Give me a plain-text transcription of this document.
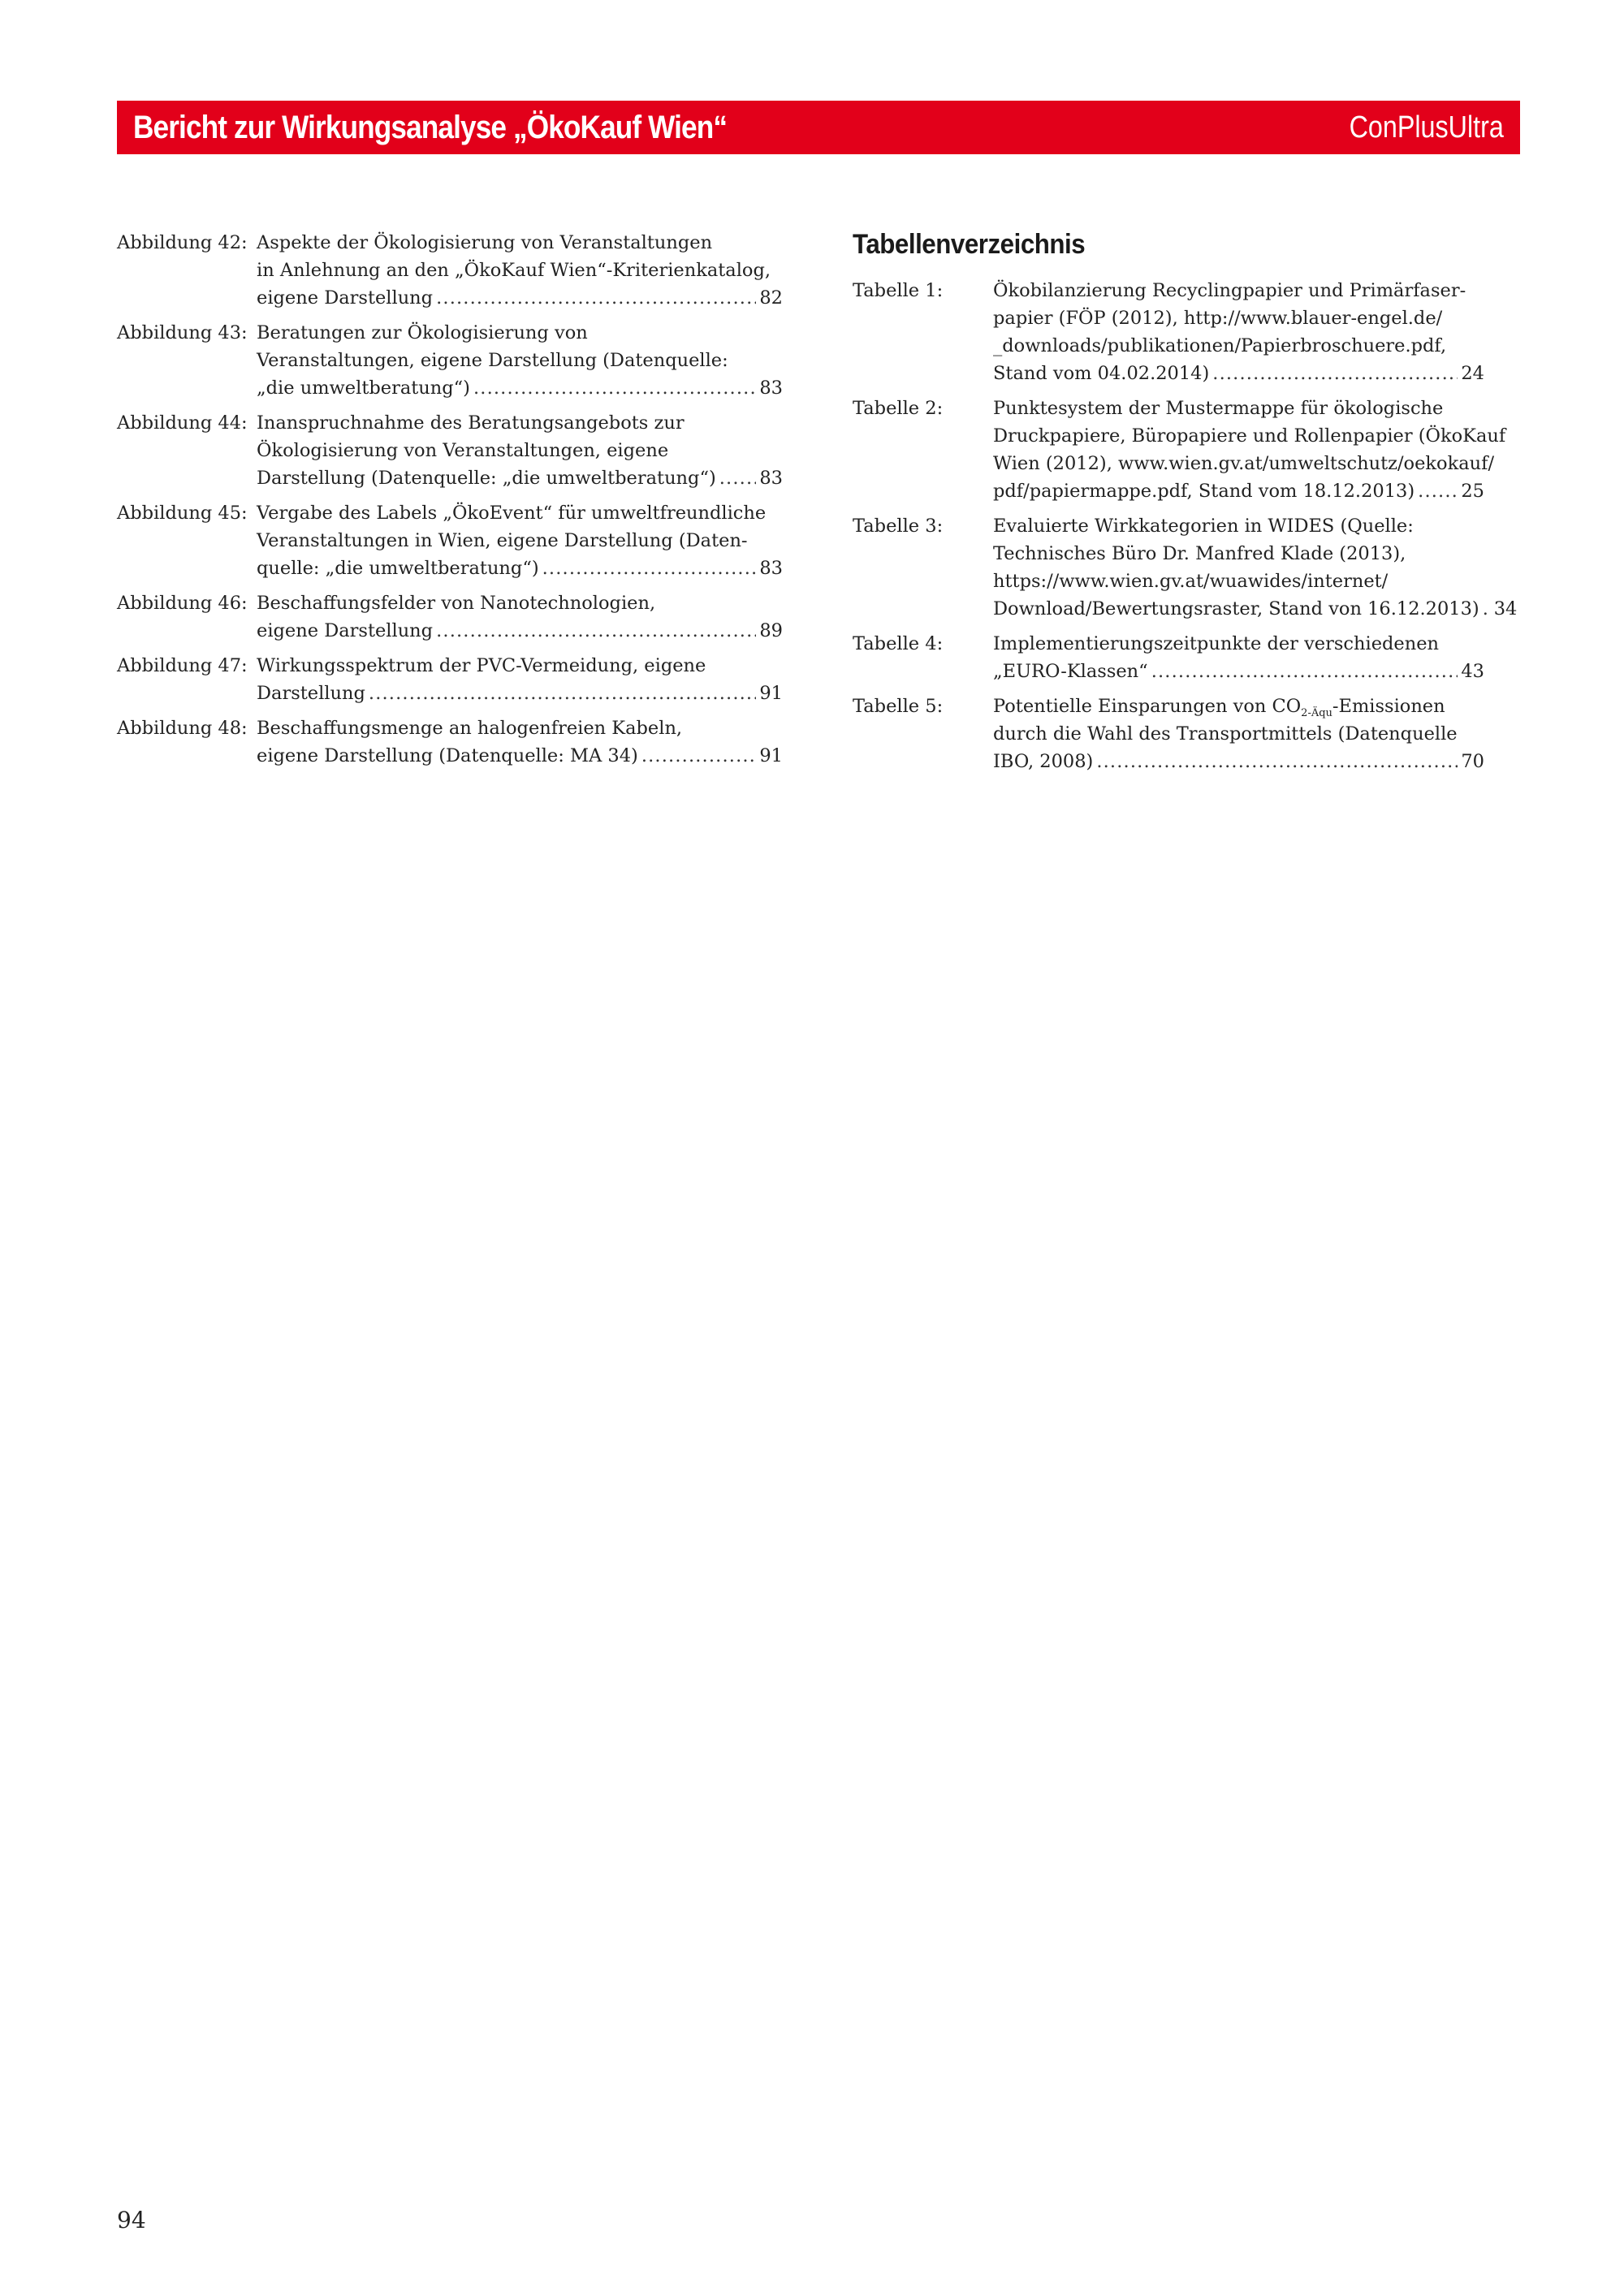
Bericht zur Wirkungsanalyse „ÖkoKauf Wien“	ConPlusUltra
Abbildung 42: Aspekte der Ökologisierung von Veranstaltungen
in Anlehnung an den „ÖkoKauf Wien“-Kriterienkatalog,
eigene Darstellung . . .	82
Abbildung 43: Beratungen zur Ökologisierung von
Veranstaltungen, eigene Darstellung (Datenquelle:
„die umweltberatung“) . . .	83
Abbildung 44: Inanspruchnahme des Beratungsangebots zur
Ökologisierung von Veranstaltungen, eigene
Darstellung (Datenquelle: „die umweltberatung“) . . . 83
Abbildung 45: Vergabe des Labels „ÖkoEvent“ für umweltfreundliche
Veranstaltungen in Wien, eigene Darstellung (Daten-
quelle: „die umweltberatung“) . . .	83
Abbildung 46: Beschaffungsfelder von Nanotechnologien,
eigene Darstellung . . .	89
Abbildung 47: Wirkungsspektrum der PVC-Vermeidung, eigene
Darstellung . . .	91
Abbildung 48: Beschaffungsmenge an halogenfreien Kabeln,
eigene Darstellung (Datenquelle: MA 34) . . .	91
Tabellenverzeichnis
Tabelle 1:	Ökobilanzierung Recyclingpapier und Primärfaser-
papier (FÖP (2012), http://www.blauer-engel.de/
_downloads/publikationen/Papierbroschuere.pdf,
Stand vom 04.02.2014) . . .	24
Tabelle 2:	Punktesystem der Mustermappe für ökologische
Druckpapiere, Büropapiere und Rollenpapier (ÖkoKauf
Wien (2012), www.wien.gv.at/umweltschutz/oekokauf/
pdf/papiermappe.pdf, Stand vom 18.12.2013) . . .	25
Tabelle 3:	Evaluierte Wirkkategorien in WIDES (Quelle:
Technisches Büro Dr. Manfred Klade (2013),
https://www.wien.gv.at/wuawides/internet/
Download/Bewertungsraster, Stand von 16.12.2013) . . . 34
Tabelle 4:	Implementierungszeitpunkte der verschiedenen
„EURO-Klassen“ . . .	43
Tabelle 5:	Potentielle Einsparungen von $CO_{2-Äqu}$-Emissionen
durch die Wahl des Transportmittels (Datenquelle
IBO, 2008) . . .	70
94
